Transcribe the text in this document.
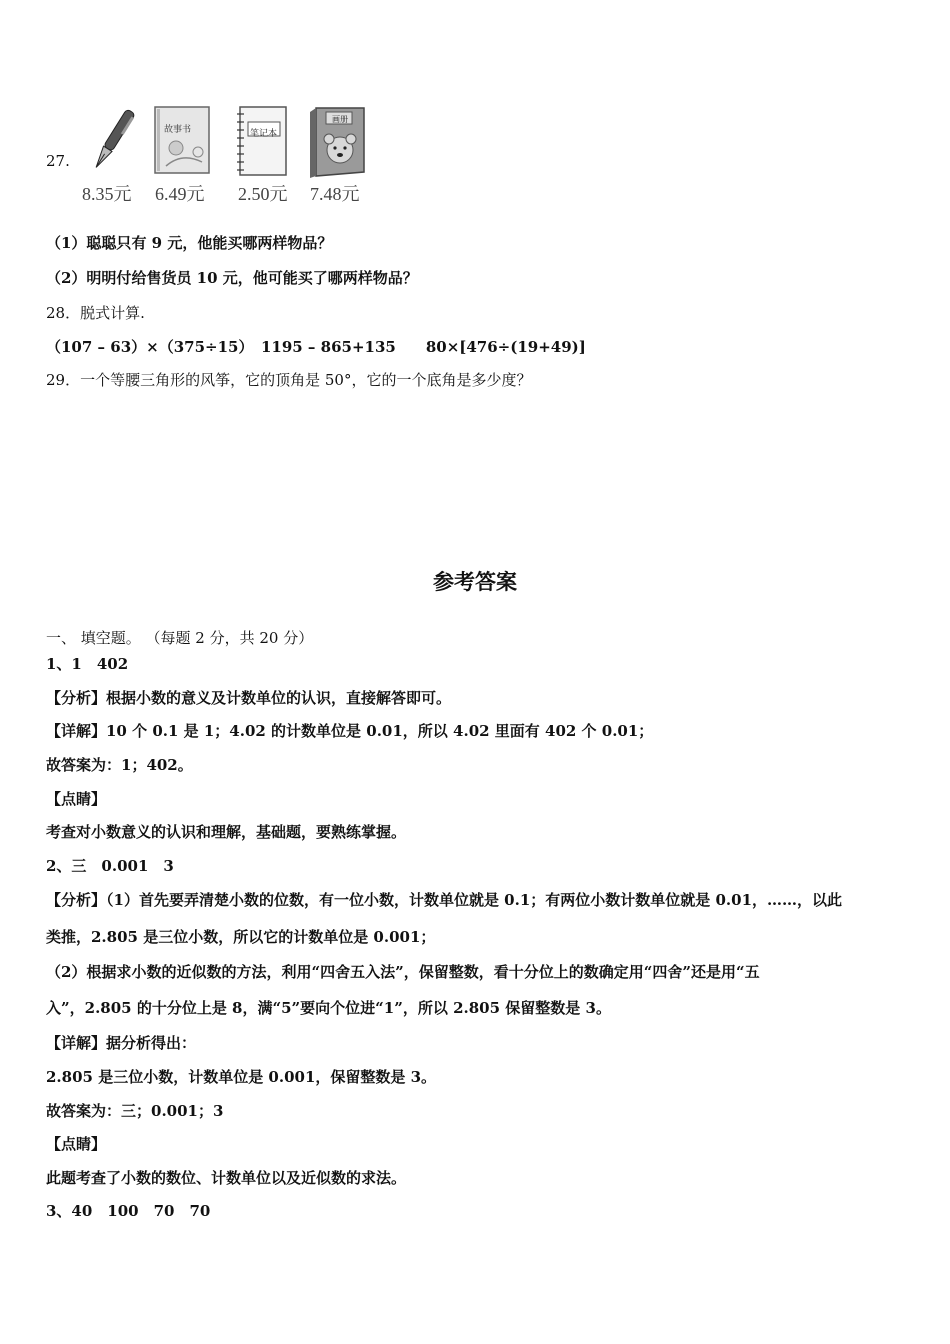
27.
8.35元
故事书
6.49元
笔记本
2.50元
画册
7.48元
（1）聪聪只有 9 元，他能买哪两样物品？
（2）明明付给售货员 10 元，他可能买了哪两样物品？
28．脱式计算.
（107 – 63）×（375÷15）　1195 – 865+135　　80×[476÷(19+49)]
29．一个等腰三角形的风筝，它的顶角是 50°，它的一个底角是多少度？
参考答案
一、 填空题。 （每题 2 分，共 20 分）
1、1　402
【分析】根据小数的意义及计数单位的认识，直接解答即可。
【详解】10 个 0.1 是 1；4.02 的计数单位是 0.01，所以 4.02 里面有 402 个 0.01；
故答案为：1；402。
【点睛】
考查对小数意义的认识和理解，基础题，要熟练掌握。
2、三　0.001　3
【分析】（1）首先要弄清楚小数的位数，有一位小数，计数单位就是 0.1；有两位小数计数单位就是 0.01，……，以此
类推，2.805 是三位小数，所以它的计数单位是 0.001；
（2）根据求小数的近似数的方法，利用“四舍五入法”，保留整数，看十分位上的数确定用“四舍”还是用“五
入”，2.805 的十分位上是 8，满“5”要向个位进“1”，所以 2.805 保留整数是 3。
【详解】据分析得出：
2.805 是三位小数，计数单位是 0.001，保留整数是 3。
故答案为：三；0.001；3
【点睛】
此题考查了小数的数位、计数单位以及近似数的求法。
3、40　100　70　70
